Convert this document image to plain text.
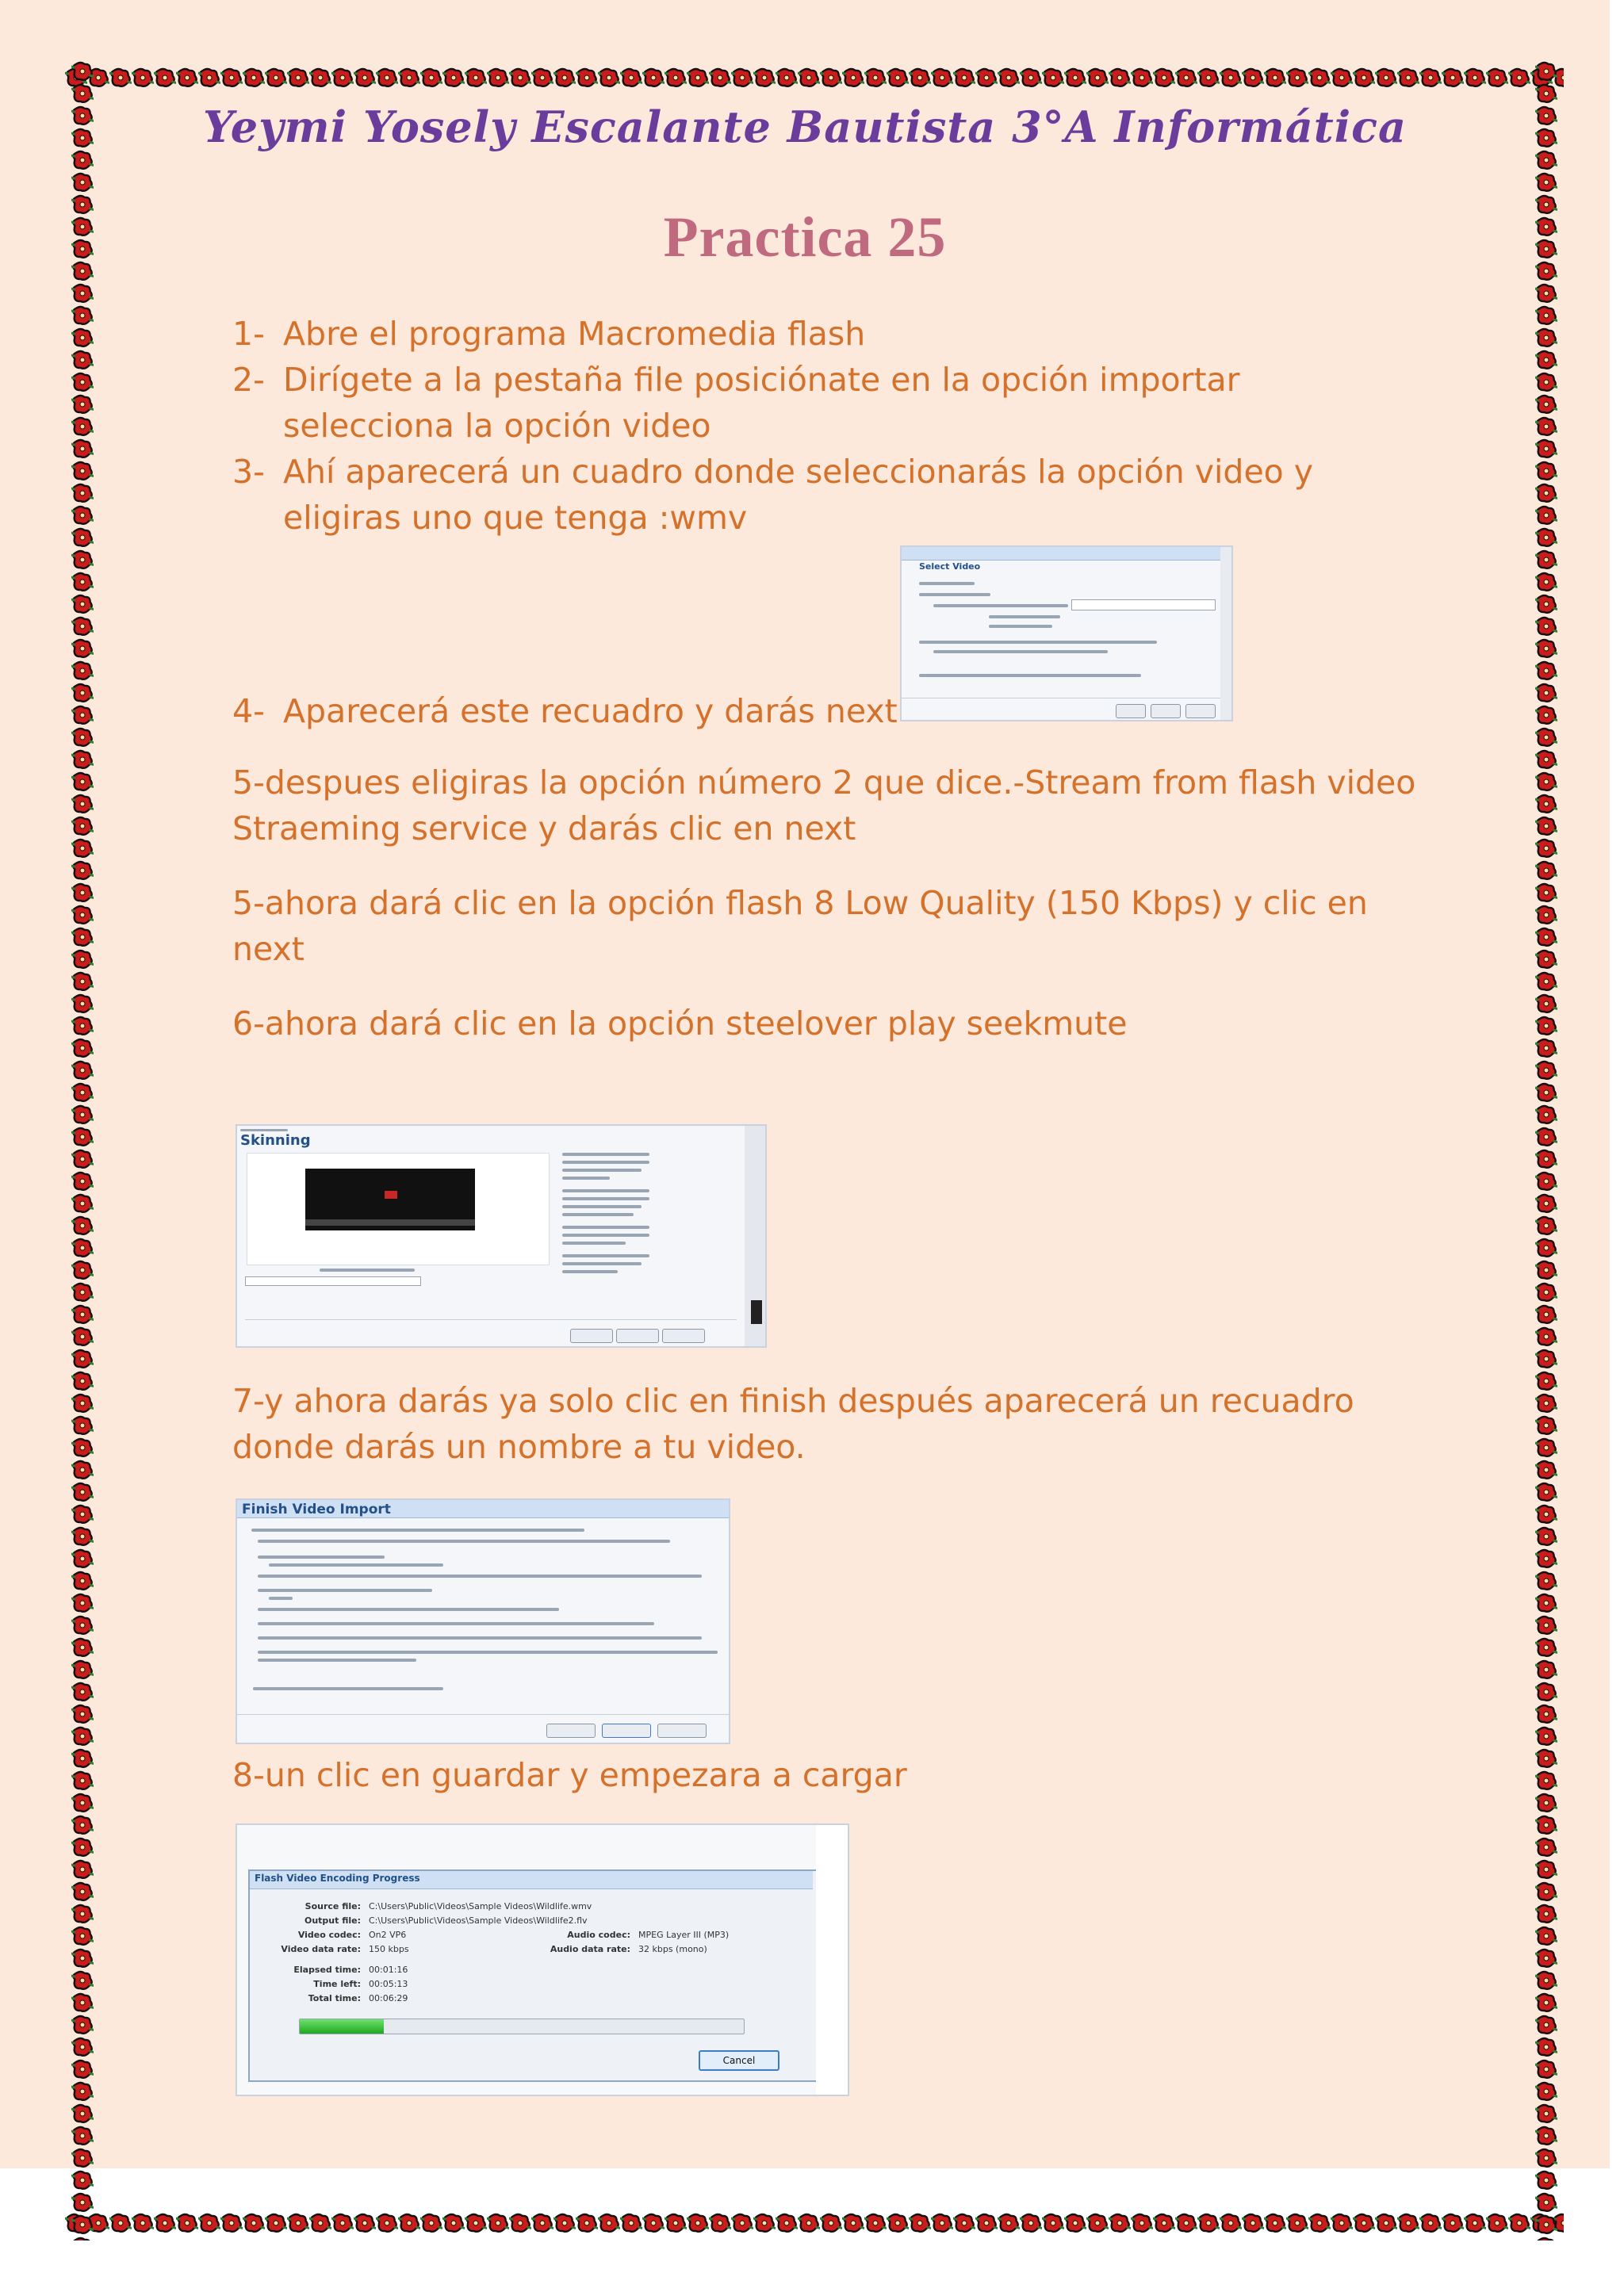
Yeymi Yosely Escalante Bautista 3°A Informática
Practica 25
1- Abre el programa Macromedia flash
2- Dirígete a la pestaña file posiciónate en la opción importar
selecciona la opción video
3- Ahí aparecerá un cuadro donde seleccionarás la opción video y
eligiras uno que tenga :wmv
4- Aparecerá este recuadro y darás next
Select Video
5-despues eligiras la opción número 2 que dice.-Stream from flash video
Straeming service y darás clic en next
5-ahora dará clic en la opción flash 8 Low Quality (150 Kbps) y clic en
next
6-ahora dará clic en la opción steelover play seekmute
Skinning
7-y ahora darás ya solo clic en finish después aparecerá un recuadro
donde darás un nombre a tu video.
Finish Video Import
8-un clic en guardar y empezara a cargar
Flash Video Encoding Progress
Source file: C:\Users\Public\Videos\Sample Videos\Wildlife.wmv
Output file: C:\Users\Public\Videos\Sample Videos\Wildlife2.flv
Video codec: On2 VP6	Audio codec: MPEG Layer III (MP3)
Video data rate: 150 kbps	Audio data rate: 32 kbps (mono)
Elapsed time: 00:01:16
Time left: 00:05:13
Total time: 00:06:29
Cancel
